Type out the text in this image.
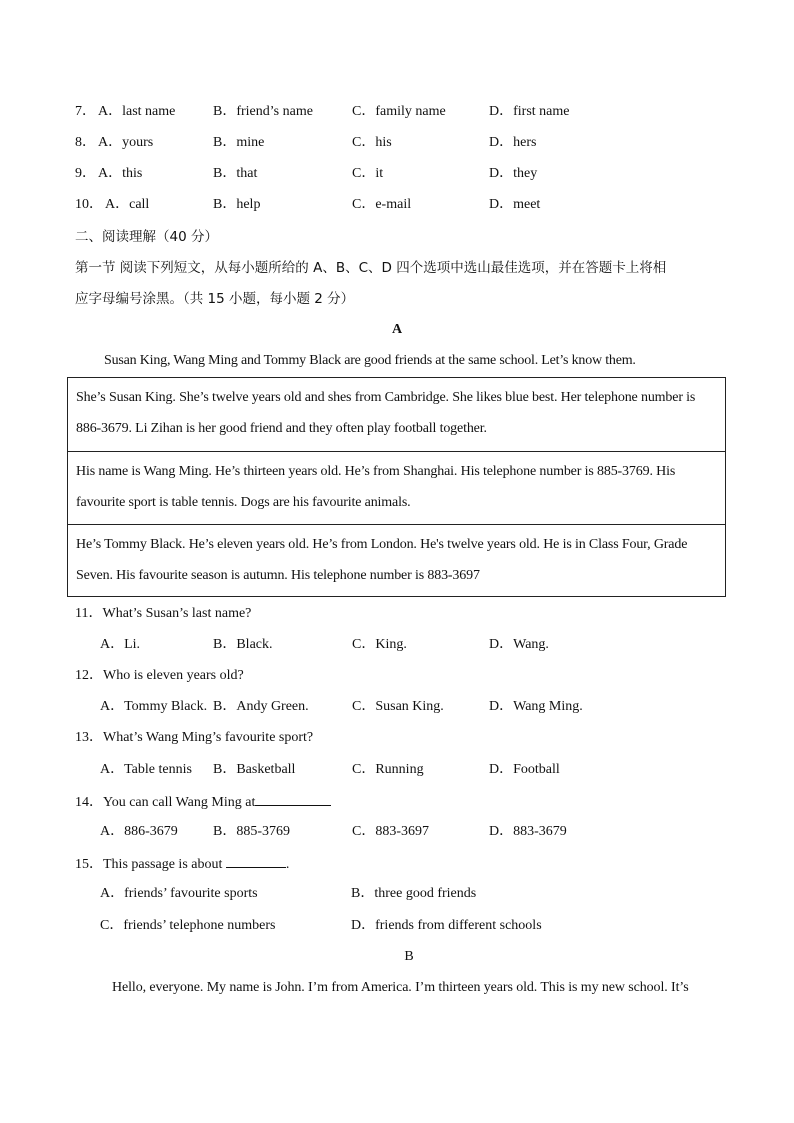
7． A．last name	B．friend’s name	C．family name	D．first name
8． A．yours	B．mine	C．his	D．hers
9． A．this	B．that	C．it	D．they
10． A．call	B．help	C．e-mail	D．meet
二、阅读理解（40 分）
第一节 阅读下列短文，从每小题所给的 A、B、C、D 四个选项中选山最佳选项，并在答题卡上将相
应字母编号涂黑。（共 15 小题，每小题 2 分）
A
Susan King, Wang Ming and Tommy Black are good friends at the same school. Let’s know them.

She’s Susan King. She’s twelve years old and shes from Cambridge. She likes blue best. Her telephone number is

886-3679. Li Zihan is her good friend and they often play football together.

His name is Wang Ming. He’s thirteen years old. He’s from Shanghai. His telephone number is 885-3769. His

favourite sport is table tennis. Dogs are his favourite animals.

He’s Tommy Black. He’s eleven years old. He’s from London. He's twelve years old. He is in Class Four, Grade

Seven. His favourite season is autumn. His telephone number is 883-3697

11．What’s Susan’s last name?
A．Li.	B．Black.	C．King.	D．Wang.
12．Who is eleven years old?
A．Tommy Black. B．Andy Green.	C．Susan King.	D．Wang Ming.
13．What’s Wang Ming’s favourite sport?
A．Table tennis B．Basketball	C．Running	D．Football
14．You can call Wang Ming at
A．886-3679	B．885-3769	C．883-3697	D．883-3679
15．This passage is about	.
A．friends’ favourite sports	B．three good friends
C．friends’ telephone numbers	D．friends from different schools
B
Hello, everyone. My name is John. I’m from America. I’m thirteen years old. This is my new school. It’s
